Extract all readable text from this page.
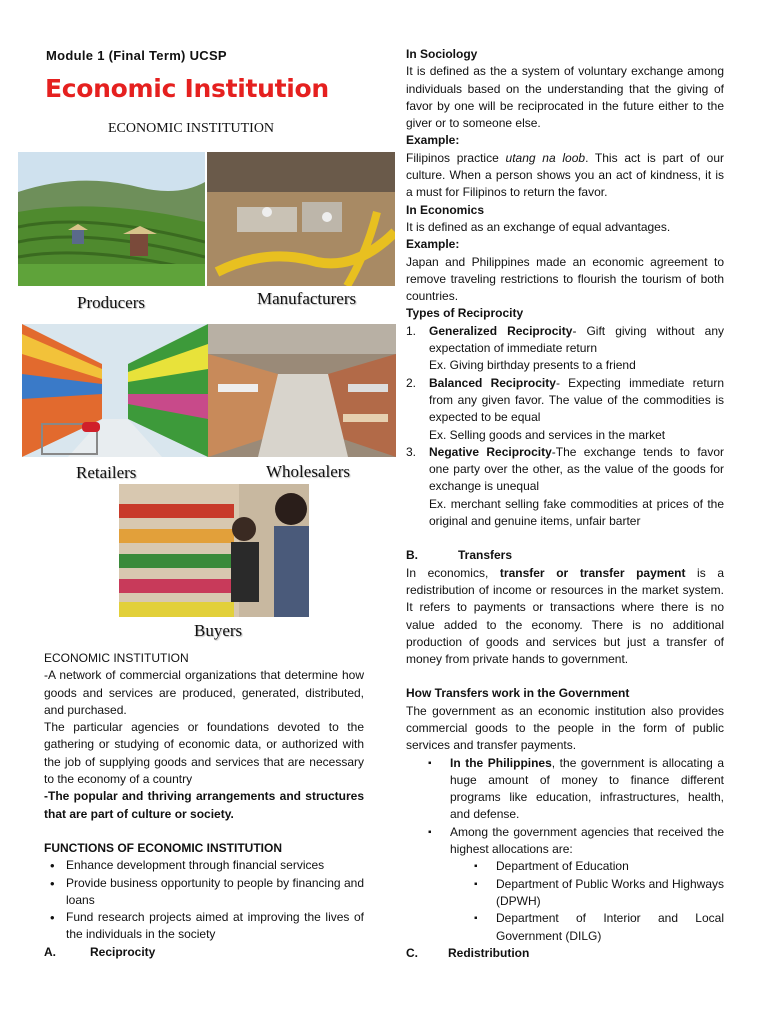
Module 1 (Final Term) UCSP
Economic Institution
ECONOMIC INSTITUTION
Producers	Manufacturers
Retailers	Wholesalers
Buyers
ECONOMIC INSTITUTION
-A network of commercial organizations that determine how goods and services are produced, generated, distributed, and purchased.
The particular agencies or foundations devoted to the gathering or studying of economic data, or authorized with the job of supplying goods and services that are necessary to the economy of a country
-The popular and thriving arrangements and structures that are part of culture or society.
FUNCTIONS OF ECONOMIC INSTITUTION
• Enhance development through financial services
• Provide business opportunity to people by financing and loans
• Fund research projects aimed at improving the lives of the individuals in the society
A.	Reciprocity
In Sociology
It is defined as the a system of voluntary exchange among individuals based on the understanding that the giving of favor by one will be reciprocated in the future either to the giver or to someone else.
Example:
Filipinos practice utang na loob. This act is part of our culture. When a person shows you an act of kindness, it is a must for Filipinos to return the favor.
In Economics
It is defined as an exchange of equal advantages.
Example:
Japan and Philippines made an economic agreement to remove traveling restrictions to flourish the tourism of both countries.
Types of Reciprocity
1. Generalized Reciprocity- Gift giving without any expectation of immediate return
Ex. Giving birthday presents to a friend
2. Balanced Reciprocity- Expecting immediate return from any given favor. The value of the commodities is expected to be equal
Ex. Selling goods and services in the market
3. Negative Reciprocity-The exchange tends to favor one party over the other, as the value of the goods for exchange is unequal
Ex. merchant selling fake commodities at prices of the original and genuine items, unfair barter
B.	Transfers
In economics, transfer or transfer payment is a redistribution of income or resources in the market system. It refers to payments or transactions where there is no value added to the economy. There is no additional production of goods and services but just a transfer of money from private hands to government.
How Transfers work in the Government
The government as an economic institution also provides commercial goods to the people in the form of public services and transfer payments.
▪ In the Philippines, the government is allocating a huge amount of money to finance different programs like education, infrastructures, health, and defense.
▪ Among the government agencies that received the highest allocations are:
▪ Department of Education
▪ Department of Public Works and Highways (DPWH)
▪ Department of Interior and Local Government (DILG)
C.	Redistribution
